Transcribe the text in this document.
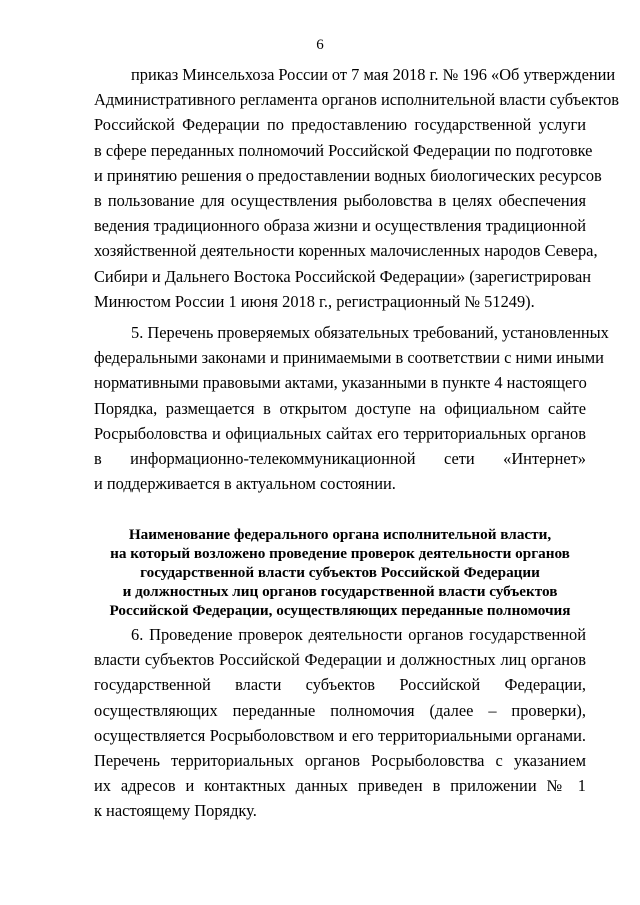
6
приказ Минсельхоза России от 7 мая 2018 г. № 196 «Об утверждении
Административного регламента органов исполнительной власти субъектов
Российской Федерации по предоставлению государственной услуги
в сфере переданных полномочий Российской Федерации по подготовке
и принятию решения о предоставлении водных биологических ресурсов
в пользование для осуществления рыболовства в целях обеспечения
ведения традиционного образа жизни и осуществления традиционной
хозяйственной деятельности коренных малочисленных народов Севера,
Сибири и Дальнего Востока Российской Федерации» (зарегистрирован
Минюстом России 1 июня 2018 г., регистрационный № 51249).
5. Перечень проверяемых обязательных требований, установленных
федеральными законами и принимаемыми в соответствии с ними иными
нормативными правовыми актами, указанными в пункте 4 настоящего
Порядка, размещается в открытом доступе на официальном сайте
Росрыболовства и официальных сайтах его территориальных органов
в информационно-телекоммуникационной сети «Интернет»
и поддерживается в актуальном состоянии.
Наименование федерального органа исполнительной власти,
на который возложено проведение проверок деятельности органов
государственной власти субъектов Российской Федерации
и должностных лиц органов государственной власти субъектов
Российской Федерации, осуществляющих переданные полномочия
6. Проведение проверок деятельности органов государственной
власти субъектов Российской Федерации и должностных лиц органов
государственной власти субъектов Российской Федерации,
осуществляющих переданные полномочия (далее – проверки),
осуществляется Росрыболовством и его территориальными органами.
Перечень территориальных органов Росрыболовства с указанием
их адресов и контактных данных приведен в приложении № 1
к настоящему Порядку.
